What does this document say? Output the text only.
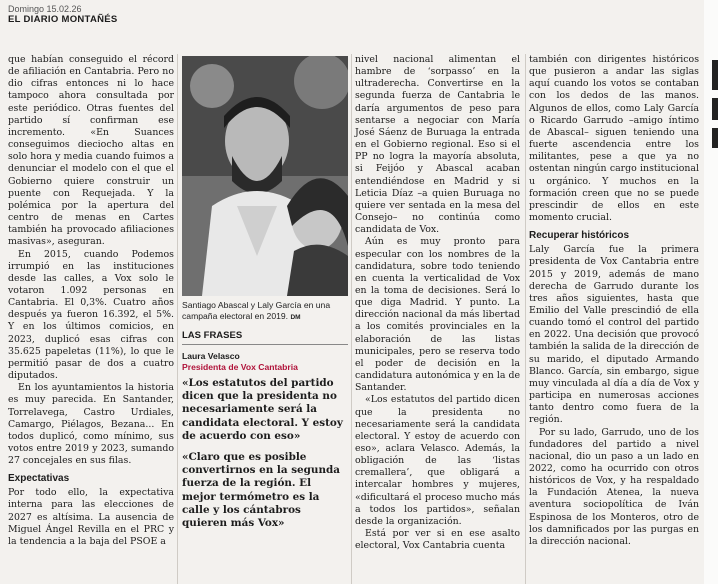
Domingo 15.02.26
EL DIARIO MONTAÑÉS

que habían conseguido el récord de afiliación en Cantabria. Pero no dio cifras entonces ni lo hace tampoco ahora consultada por este periódico. Otras fuentes del partido sí confirman ese incremento. «En Suances conseguimos dieciocho altas en solo hora y media cuando fuimos a denunciar el modelo con el que el Gobierno quiere construir un puente con Requejada. Y la polémica por la apertura del centro de menas en Cartes también ha provocado afiliaciones masivas», aseguran.

En 2015, cuando Podemos irrumpió en las instituciones desde las calles, a Vox solo le votaron 1.092 personas en Cantabria. El 0,3%. Cuatro años después ya fueron 16.392, el 5%. Y en los últimos comicios, en 2023, duplicó esas cifras con 35.625 papeletas (11%), lo que le permitió pasar de dos a cuatro diputados.

En los ayuntamientos la historia es muy parecida. En Santander, Torrelavega, Castro Urdiales, Camargo, Piélagos, Bezana... En todos duplicó, como mínimo, sus votos entre 2019 y 2023, sumando 27 concejales en sus filas.

Expectativas

Por todo ello, la expectativa interna para las elecciones de 2027 es altísima. La ausencia de Miguel Ángel Revilla en el PRC y la tendencia a la baja del PSOE a

Santiago Abascal y Laly García en una campaña electoral en 2019. DM
LAS FRASES
Laura Velasco
Presidenta de Vox Cantabria
«Los estatutos del partido dicen que la presidenta no necesariamente será la candidata electoral. Y estoy de acuerdo con eso»
«Claro que es posible convertirnos en la segunda fuerza de la región. El mejor termómetro es la calle y los cántabros quieren más Vox»

nivel nacional alimentan el hambre de ‘sorpasso’ en la ultraderecha. Convertirse en la segunda fuerza de Cantabria le daría argumentos de peso para sentarse a negociar con María José Sáenz de Buruaga la entrada en el Gobierno regional. Eso si el PP no logra la mayoría absoluta, si Feijóo y Abascal acaban entendiéndose en Madrid y si Leticia Díaz –a quien Buruaga no quiere ver sentada en la mesa del Consejo– no continúa como candidata de Vox.

Aún es muy pronto para especular con los nombres de la candidatura, sobre todo teniendo en cuenta la verticalidad de Vox en la toma de decisiones. Será lo que diga Madrid. Y punto. La dirección nacional da más libertad a los comités provinciales en la elaboración de las listas municipales, pero se reserva todo el poder de decisión en la candidatura autonómica y en la de Santander.

«Los estatutos del partido dicen que la presidenta no necesariamente será la candidata electoral. Y estoy de acuerdo con eso», aclara Velasco. Además, la obligación de las ‘listas cremallera’, que obligará a intercalar hombres y mujeres, «dificultará el proceso mucho más a todos los partidos», señalan desde la organización.

Está por ver si en ese asalto electoral, Vox Cantabria cuenta

también con dirigentes históricos que pusieron a andar las siglas aquí cuando los votos se contaban con los dedos de las manos. Algunos de ellos, como Laly García o Ricardo Garrudo –amigo íntimo de Abascal– siguen teniendo una fuerte ascendencia entre los militantes, pese a que ya no ostentan ningún cargo institucional u orgánico. Y muchos en la formación creen que no se puede prescindir de ellos en este momento crucial.

Recuperar históricos

Laly García fue la primera presidenta de Vox Cantabria entre 2015 y 2019, además de mano derecha de Garrudo durante los tres años siguientes, hasta que Emilio del Valle prescindió de ella cuando tomó el control del partido en 2022. Una decisión que provocó también la salida de la dirección de su marido, el diputado Armando Blanco. García, sin embargo, sigue muy vinculada al día a día de Vox y participa en numerosas acciones tanto dentro como fuera de la región.

Por su lado, Garrudo, uno de los fundadores del partido a nivel nacional, dio un paso a un lado en 2022, como ha ocurrido con otros históricos de Vox, y ha respaldado la Fundación Atenea, la nueva aventura sociopolítica de Iván Espinosa de los Monteros, otro de los damnificados por las purgas en la dirección nacional.
